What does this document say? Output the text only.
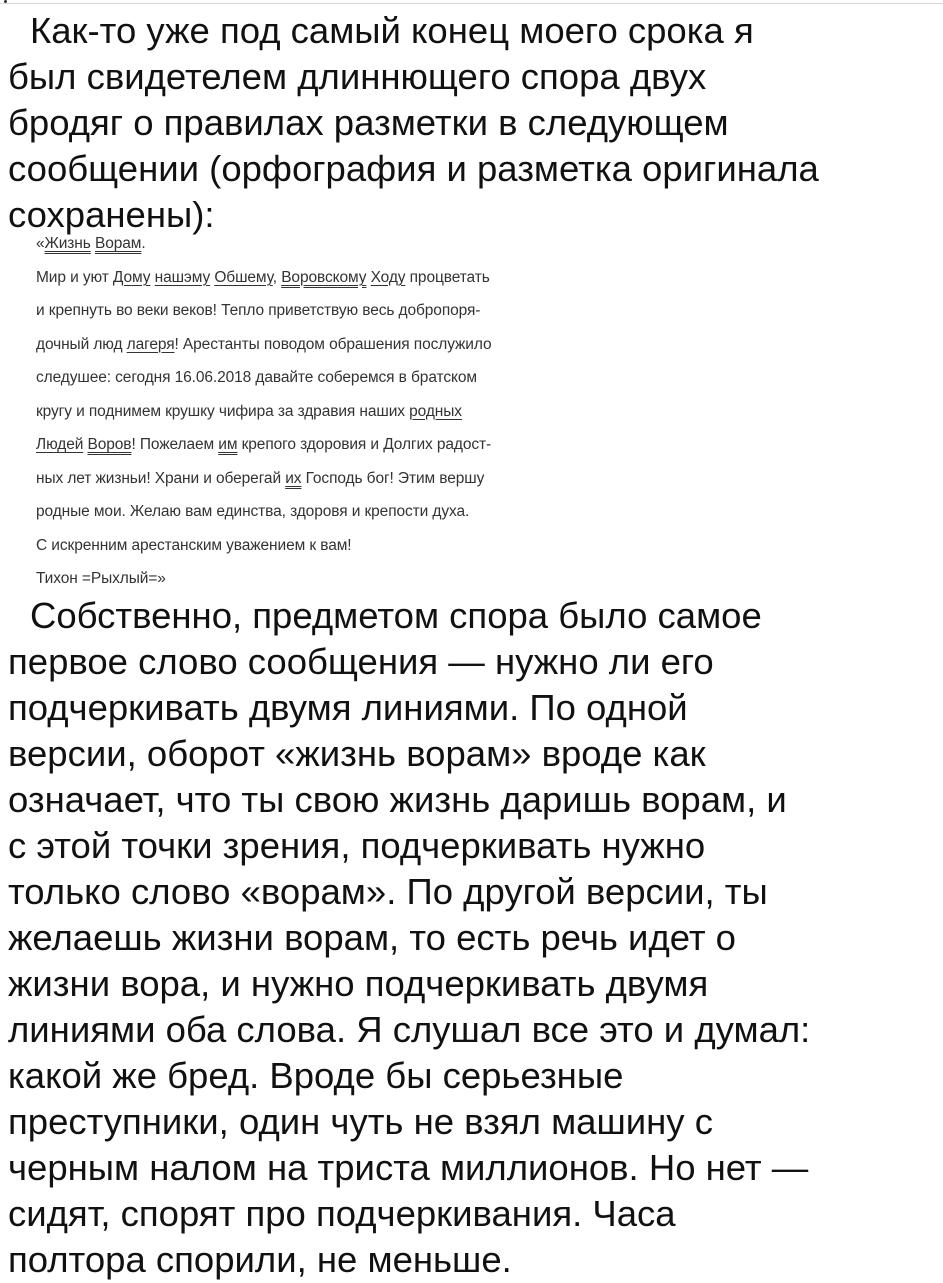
Как-то уже под самый конец моего срока я
был свидетелем длиннющего спора двух
бродяг о правилах разметки в следующем
сообщении (орфография и разметка оригинала
сохранены):

«Жизнь Ворам.
Мир и уют Дому нашэму Обшему, Воровскому Ходу процветать
и крепнуть во веки веков! Тепло приветствую весь добропоря-
дочный люд лагеря! Арестанты поводом обрашения послужило
следушее: сегодня 16.06.2018 давайте соберемся в братском
кругу и поднимем крушку чифира за здравия наших родных
Людей Воров! Пожелаем им крепого здоровия и Долгих радост-
ных лет жизньи! Храни и оберегай их Господь бог! Этим вершу
родные мои. Желаю вам единства, здоровя и крепости духа.
С искренним арестанским уважением к вам!
Тихон =Рыхлый=»

Собственно, предметом спора было самое
первое слово сообщения — нужно ли его
подчеркивать двумя линиями. По одной
версии, оборот «жизнь ворам» вроде как
означает, что ты свою жизнь даришь ворам, и
с этой точки зрения, подчеркивать нужно
только слово «ворам». По другой версии, ты
желаешь жизни ворам, то есть речь идет о
жизни вора, и нужно подчеркивать двумя
линиями оба слова. Я слушал все это и думал:
какой же бред. Вроде бы серьезные
преступники, один чуть не взял машину с
черным налом на триста миллионов. Но нет —
сидят, спорят про подчеркивания. Часа
полтора спорили, не меньше.
